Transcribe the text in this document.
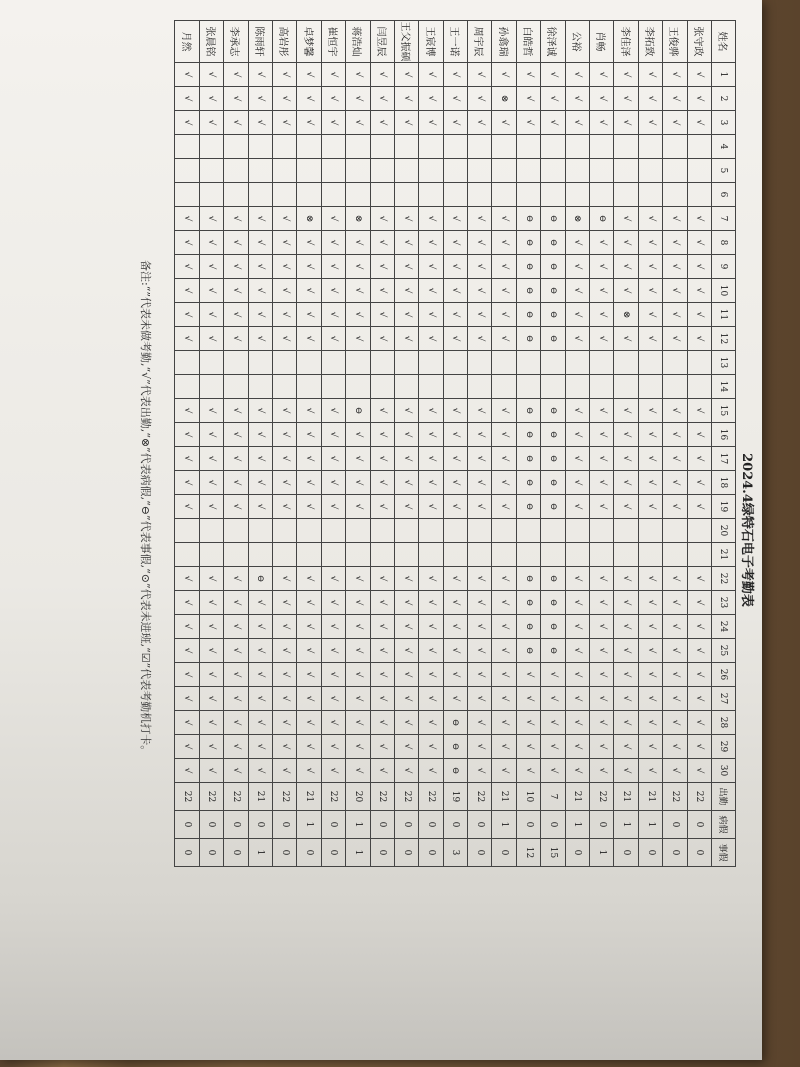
2024.4绿特石电子考勤表
姓名	1	2	3	4	5	6	7	8	9	10	11	12	13	14	15	16	17	18	19	20	21	22	23	24	25	26	27	28	29	30	出勤	病假	事假
张守政	√	√	√				√	√	√	√	√	√			√	√	√	√	√			√	√	√	√	√	√	√	√	√	22	0	0
王俊骅	√	√	√				√	√	√	√	√	√			√	√	√	√	√			√	√	√	√	√	√	√	√	√	22	0	0
李拓致	√	√	√				√	√	√	√	√	√			√	√	√	√	√			√	√	√	√	√	√	√	√	√	21	1	0
李佳泽	√	√	√				√	√	√	√	⊗	√			√	√	√	√	√			√	√	√	√	√	√	√	√	√	21	1	0
肖畅	√	√	√				⊖	√	√	√	√	√			√	√	√	√	√			√	√	√	√	√	√	√	√	√	22	0	1
公裕	√	√	√				⊗	√	√	√	√	√			√	√	√	√	√			√	√	√	√	√	√	√	√	√	21	1	0
徐泽诚	√	√	√				⊖	⊖	⊖	⊖	⊖	⊖			⊖	⊖	⊖	⊖	⊖			⊖	⊖	⊖	⊖	√	√	√	√	√	7	0	15
白皓哲	√	√	√				⊖	⊖	⊖	⊖	⊖	⊖			⊖	⊖	⊖	⊖	⊖			⊖	⊖	⊖	⊖	√	√	√	√	√	10	0	12
孙翕瑞	√	⊗	√				√	√	√	√	√	√			√	√	√	√	√			√	√	√	√	√	√	√	√	√	21	1	0
周宇辰	√	√	√				√	√	√	√	√	√			√	√	√	√	√			√	√	√	√	√	√	√	√	√	22	0	0
王一诺	√	√	√				√	√	√	√	√	√			√	√	√	√	√			√	√	√	√	√	√	⊖	⊖	⊖	19	0	3
王宸博	√	√	√				√	√	√	√	√	√			√	√	√	√	√			√	√	√	√	√	√	√	√	√	22	0	0
王父振硕	√	√	√				√	√	√	√	√	√			√	√	√	√	√			√	√	√	√	√	√	√	√	√	22	0	0
闫昱辰	√	√	√				√	√	√	√	√	√			√	√	√	√	√			√	√	√	√	√	√	√	√	√	22	0	0
蒋浩灿	√	√	√				⊗	√	√	√	√	√			⊖	√	√	√	√			√	√	√	√	√	√	√	√	√	20	1	1
崔恒宇	√	√	√				√	√	√	√	√	√			√	√	√	√	√			√	√	√	√	√	√	√	√	√	22	0	0
卓梦馨	√	√	√				⊗	√	√	√	√	√			√	√	√	√	√			√	√	√	√	√	√	√	√	√	21	1	0
高岩彤	√	√	√				√	√	√	√	√	√			√	√	√	√	√			√	√	√	√	√	√	√	√	√	22	0	0
陈雨轩	√	√	√				√	√	√	√	√	√			√	√	√	√	√			⊖	√	√	√	√	√	√	√	√	21	0	1
李承志	√	√	√				√	√	√	√	√	√			√	√	√	√	√			√	√	√	√	√	√	√	√	√	22	0	0
张晨铭	√	√	√				√	√	√	√	√	√			√	√	√	√	√			√	√	√	√	√	√	√	√	√	22	0	0
月然	√	√	√				√	√	√	√	√	√			√	√	√	√	√			√	√	√	√	√	√	√	√	√	22	0	0
备注:“”代表未做考勤,“√”代表出勤,“⊗”代表病假,“⊖”代表事假,“⊙”代表未进班,“☑”代表考勤机打卡。
